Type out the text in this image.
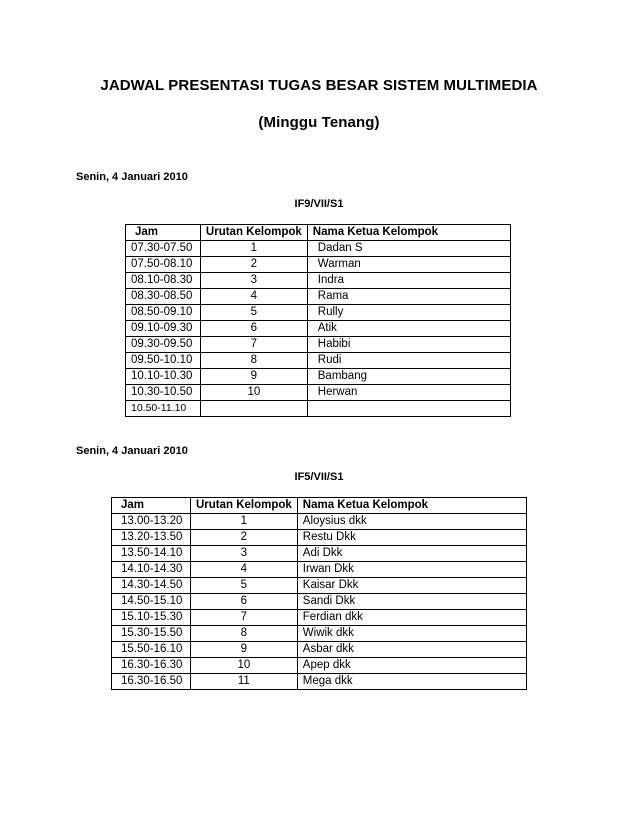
JADWAL PRESENTASI TUGAS BESAR SISTEM MULTIMEDIA
(Minggu Tenang)
Senin, 4 Januari 2010
IF9/VII/S1
Jam	Urutan Kelompok	Nama Ketua Kelompok
07.30-07.50	1	Dadan S
07.50-08.10	2	Warman
08.10-08.30	3	Indra
08.30-08.50	4	Rama
08.50-09.10	5	Rully
09.10-09.30	6	Atik
09.30-09.50	7	Habibi
09.50-10.10	8	Rudi
10.10-10.30	9	Bambang
10.30-10.50	10	Herwan
10.50-11.10		
Senin, 4 Januari 2010
IF5/VII/S1
Jam	Urutan Kelompok	Nama Ketua Kelompok
13.00-13.20	1	Aloysius dkk
13.20-13.50	2	Restu Dkk
13.50-14.10	3	Adi Dkk
14.10-14.30	4	Irwan Dkk
14.30-14.50	5	Kaisar Dkk
14.50-15.10	6	Sandi Dkk
15.10-15.30	7	Ferdian dkk
15.30-15.50	8	Wiwik dkk
15.50-16.10	9	Asbar dkk
16.30-16.30	10	Apep dkk
16.30-16.50	11	Mega dkk
